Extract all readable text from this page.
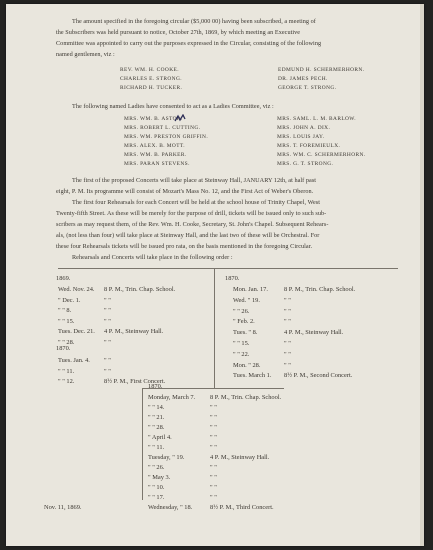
The amount specified in the foregoing circular ($5,000 00) having been subscribed, a meeting of
the Subscribers was held pursuant to notice, October 27th, 1869, by which meeting an Executive
Committee was appointed to carry out the purposes expressed in the Circular, consisting of the following
named gentlemen, viz :
REV. WM. H. COOKE.
CHARLES E. STRONG.
RICHARD H. TUCKER.
EDMUND H. SCHERMERHORN.
DR. JAMES PECH.
GEORGE T. STRONG.
The following named Ladies have consented to act as a Ladies Committee, viz :
MRS. WM. B. ASTOR.
MRS. ROBERT L. CUTTING.
MRS. WM. PRESTON GRIFFIN.
MRS. ALEX. B. MOTT.
MRS. WM. B. PARKER.
MRS. PARAN STEVENS.
MRS. SAML. L. M. BARLOW.
MRS. JOHN A. DIX.
MRS. LOUIS JAY.
MRS. T. FOREMIEULX.
MRS. WM. C. SCHERMERHORN.
MRS. G. T. STRONG.
The first of the proposed Concerts will take place at Steinway Hall, JANUARY 12th, at half past
eight, P. M. Its programme will consist of Mozart's Mass No. 12, and the First Act of Weber's Oberon.
The first four Rehearsals for each Concert will be held at the school house of Trinity Chapel, West
Twenty-fifth Street. As these will be merely for the purpose of drill, tickets will be issued only to such sub-
scribers as may request them, of the Rev. Wm. H. Cooke, Secretary, St. John's Chapel. Subsequent Rehears-
als, (not less than four) will take place at Steinway Hall, and the last two of these will be Orchestral. For
these four Rehearsals tickets will be issued pro rata, on the basis mentioned in the foregoing Circular.
Rehearsals and Concerts will take place in the following order :
1869.
Wed. Nov. 24. 8 P. M., Trin. Chap. School.
" Dec. 1.	" "
" " 8.	" "
" " 15.	" "
Tues. Dec. 21. 4 P. M., Steinway Hall.
" " 28.	" "
1870.
Tues. Jan. 4. " "
" " 11.	" "
" " 12.	8½ P. M., First Concert.
1870.
Mon. Jan. 17.	8 P. M., Trin. Chap. School.
Wed. " 19.	" "
" " 26.	" "
" Feb. 2.	" "
Tues. " 8.	4 P. M., Steinway Hall.
" " 15.	" "
" " 22.	" "
Mon. " 28.	" "
Tues. March 1. 8½ P. M., Second Concert.
1870.
Monday, March 7. 8 P. M., Trin. Chap. School.
" " 14.	" "
" " 21.	" "
" " 28.	" "
" April 4.	" "
" " 11.	" "
Tuesday, " 19.	4 P. M., Steinway Hall.
" " 26.	" "
" May 3.	" "
" " 10.	" "
" " 17.	" "
Wednesday, " 18.	8½ P. M., Third Concert.
Nov. 11, 1869.
